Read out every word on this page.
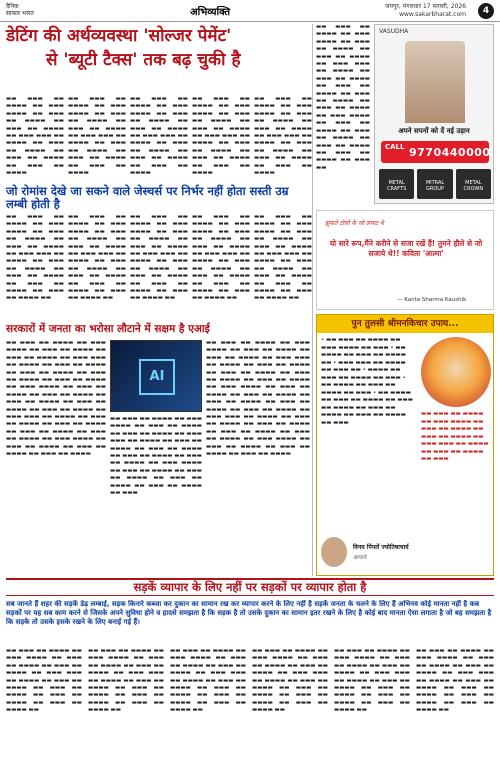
दैनिक
साकार भारत	अभिव्यक्ति
जयपुर, मंगलवार 17 फरवरी, 2026
www.sakarbharat.com	4
डेटिंग की अर्थव्यवस्था 'सोल्जर पेमेंट'
से 'ब्यूटी टैक्स' तक बढ़ चुकी है
▬▬ ▬▬▬ ▬▬ ▬▬▬▬ ▬▬ ▬▬▬ ▬▬▬▬ ▬▬ ▬▬▬ ▬▬ ▬▬▬▬ ▬▬ ▬▬▬ ▬▬ ▬▬▬▬ ▬▬ ▬▬▬ ▬▬▬ ▬▬ ▬▬▬▬ ▬▬ ▬▬▬ ▬▬ ▬▬▬▬ ▬▬ ▬▬▬ ▬▬ ▬▬▬▬ ▬▬ ▬▬▬ ▬▬ ▬▬▬▬
▬▬ ▬▬▬ ▬▬ ▬▬▬▬ ▬▬ ▬▬▬ ▬▬▬▬ ▬▬ ▬▬▬ ▬▬ ▬▬▬▬ ▬▬ ▬▬▬ ▬▬ ▬▬▬▬ ▬▬ ▬▬▬ ▬▬▬ ▬▬ ▬▬▬▬ ▬▬ ▬▬▬ ▬▬ ▬▬▬▬ ▬▬ ▬▬▬ ▬▬ ▬▬▬▬ ▬▬ ▬▬▬ ▬▬ ▬▬▬▬
▬▬ ▬▬▬ ▬▬ ▬▬▬▬ ▬▬ ▬▬▬ ▬▬▬▬ ▬▬ ▬▬▬ ▬▬ ▬▬▬▬ ▬▬ ▬▬▬ ▬▬ ▬▬▬▬ ▬▬ ▬▬▬ ▬▬▬ ▬▬ ▬▬▬▬ ▬▬ ▬▬▬ ▬▬ ▬▬▬▬ ▬▬ ▬▬▬ ▬▬ ▬▬▬▬ ▬▬ ▬▬▬ ▬▬ ▬▬▬▬
▬▬ ▬▬▬ ▬▬ ▬▬▬▬ ▬▬ ▬▬▬ ▬▬▬▬ ▬▬ ▬▬▬ ▬▬ ▬▬▬▬ ▬▬ ▬▬▬ ▬▬ ▬▬▬▬ ▬▬ ▬▬▬ ▬▬▬ ▬▬ ▬▬▬▬ ▬▬ ▬▬▬ ▬▬ ▬▬▬▬ ▬▬ ▬▬▬ ▬▬ ▬▬▬▬ ▬▬ ▬▬▬ ▬▬ ▬▬▬▬
▬▬ ▬▬▬ ▬▬ ▬▬▬▬ ▬▬ ▬▬▬ ▬▬▬▬ ▬▬ ▬▬▬ ▬▬ ▬▬▬▬ ▬▬ ▬▬▬ ▬▬ ▬▬▬▬ ▬▬ ▬▬▬ ▬▬▬ ▬▬ ▬▬▬▬ ▬▬ ▬▬▬ ▬▬ ▬▬▬▬ ▬▬ ▬▬▬ ▬▬ ▬▬▬▬ ▬▬ ▬▬▬ ▬▬ ▬▬▬▬
▬▬ ▬▬▬ ▬▬ ▬▬▬▬ ▬▬ ▬▬▬ ▬▬▬▬ ▬▬ ▬▬▬ ▬▬ ▬▬▬▬ ▬▬ ▬▬▬ ▬▬ ▬▬▬▬ ▬▬ ▬▬▬ ▬▬▬ ▬▬ ▬▬▬▬ ▬▬ ▬▬▬ ▬▬ ▬▬▬▬ ▬▬ ▬▬▬ ▬▬ ▬▬▬▬ ▬▬ ▬▬▬ ▬▬ ▬▬▬▬ ▬▬ ▬▬▬ ▬▬ ▬▬▬▬ ▬▬ ▬▬▬ ▬▬▬▬ ▬▬ ▬▬▬ ▬▬ ▬▬▬▬ ▬▬ ▬▬▬ ▬▬ ▬▬▬▬ ▬▬ ▬▬▬ ▬▬ ▬▬▬▬ ▬▬ ▬▬▬ ▬▬ ▬▬▬▬ ▬▬ ▬▬▬ ▬▬
VASUDHA
अपने सपनों को दें नई उड़ान
CALL 9770440000
METAL CRAFTS
MITRAL GROUP
METAL CROWN
जो रोमांस देखे जा सकने वाले जेस्चर्स पर निर्भर नहीं होता सस्ती उम्र लम्बी होती है
▬▬ ▬▬▬ ▬▬ ▬▬▬▬ ▬▬ ▬▬▬ ▬▬▬▬ ▬▬ ▬▬▬ ▬▬ ▬▬▬▬ ▬▬ ▬▬▬ ▬▬ ▬▬▬▬ ▬▬ ▬▬▬ ▬▬▬ ▬▬ ▬▬▬▬ ▬▬ ▬▬▬ ▬▬ ▬▬▬▬ ▬▬ ▬▬▬ ▬▬ ▬▬▬▬ ▬▬ ▬▬▬ ▬▬ ▬▬▬▬ ▬▬ ▬▬▬ ▬▬ ▬▬▬▬ ▬▬
▬▬ ▬▬▬ ▬▬ ▬▬▬▬ ▬▬ ▬▬▬ ▬▬▬▬ ▬▬ ▬▬▬ ▬▬ ▬▬▬▬ ▬▬ ▬▬▬ ▬▬ ▬▬▬▬ ▬▬ ▬▬▬ ▬▬▬ ▬▬ ▬▬▬▬ ▬▬ ▬▬▬ ▬▬ ▬▬▬▬ ▬▬ ▬▬▬ ▬▬ ▬▬▬▬ ▬▬ ▬▬▬ ▬▬ ▬▬▬▬ ▬▬ ▬▬▬ ▬▬ ▬▬▬▬ ▬▬
▬▬ ▬▬▬ ▬▬ ▬▬▬▬ ▬▬ ▬▬▬ ▬▬▬▬ ▬▬ ▬▬▬ ▬▬ ▬▬▬▬ ▬▬ ▬▬▬ ▬▬ ▬▬▬▬ ▬▬ ▬▬▬ ▬▬▬ ▬▬ ▬▬▬▬ ▬▬ ▬▬▬ ▬▬ ▬▬▬▬ ▬▬ ▬▬▬ ▬▬ ▬▬▬▬ ▬▬ ▬▬▬ ▬▬ ▬▬▬▬ ▬▬ ▬▬▬ ▬▬ ▬▬▬▬ ▬▬
▬▬ ▬▬▬ ▬▬ ▬▬▬▬ ▬▬ ▬▬▬ ▬▬▬▬ ▬▬ ▬▬▬ ▬▬ ▬▬▬▬ ▬▬ ▬▬▬ ▬▬ ▬▬▬▬ ▬▬ ▬▬▬ ▬▬▬ ▬▬ ▬▬▬▬ ▬▬ ▬▬▬ ▬▬ ▬▬▬▬ ▬▬ ▬▬▬ ▬▬ ▬▬▬▬ ▬▬ ▬▬▬ ▬▬ ▬▬▬▬ ▬▬ ▬▬▬ ▬▬ ▬▬▬▬ ▬▬
▬▬ ▬▬▬ ▬▬ ▬▬▬▬ ▬▬ ▬▬▬ ▬▬▬▬ ▬▬ ▬▬▬ ▬▬ ▬▬▬▬ ▬▬ ▬▬▬ ▬▬ ▬▬▬▬ ▬▬ ▬▬▬ ▬▬▬ ▬▬ ▬▬▬▬ ▬▬ ▬▬▬ ▬▬ ▬▬▬▬ ▬▬ ▬▬▬ ▬▬ ▬▬▬▬ ▬▬ ▬▬▬ ▬▬ ▬▬▬▬ ▬▬ ▬▬▬ ▬▬ ▬▬▬▬ ▬▬
झुकते टोलों के जो लपाट थे
यो सारे रूप,मैंने करीने से सजा रखें हैं! तुमने हौले से जो सजाये थे!! कविता 'आत्मा'
— Kanta Sharma Kaushik
पुन तुलसी श्रीमनकिचार उपाय...
• ▬▬ ▬▬▬ ▬▬ ▬▬▬▬ ▬▬ ▬▬▬ ▬▬▬▬ ▬▬ ▬▬▬ • ▬▬ ▬▬▬▬ ▬▬ ▬▬▬ ▬▬ ▬▬▬▬ ▬▬ • ▬▬▬ ▬▬▬ ▬▬ ▬▬▬▬ ▬▬ ▬▬▬ ▬▬ • ▬▬▬▬ ▬▬ ▬▬▬ ▬▬ ▬▬▬▬ ▬▬ ▬▬▬ • ▬▬ ▬▬▬▬ ▬▬ ▬▬▬ ▬▬ ▬▬▬▬ ▬▬ ▬▬▬ • ▬▬ ▬▬▬▬ ▬▬ ▬▬▬ ▬▬ ▬▬▬▬ ▬▬ ▬▬▬ ▬▬ ▬▬▬▬ ▬▬ ▬▬▬ ▬▬ ▬▬▬▬ ▬▬ ▬▬▬ ▬▬ ▬▬▬▬ ▬▬ ▬▬▬
▬▬ ▬▬▬ ▬▬ ▬▬▬▬ ▬▬ ▬▬▬ ▬▬▬▬ ▬▬ ▬▬▬ ▬▬ ▬▬▬▬ ▬▬ ▬▬▬ ▬▬ ▬▬▬▬ ▬▬ ▬▬▬ ▬▬▬ ▬▬ ▬▬▬▬ ▬▬ ▬▬▬ ▬▬ ▬▬▬▬ ▬▬ ▬▬▬
विनय पिंपलें ज्योतिषाचार्य
आचार्य
सरकारों में जनता का भरोसा लौटाने में सक्षम है एआई
▬▬ ▬▬▬ ▬▬ ▬▬▬▬ ▬▬ ▬▬▬ ▬▬▬▬ ▬▬ ▬▬▬ ▬▬ ▬▬▬▬ ▬▬ ▬▬▬ ▬▬ ▬▬▬▬ ▬▬ ▬▬▬ ▬▬▬ ▬▬ ▬▬▬▬ ▬▬ ▬▬▬ ▬▬ ▬▬▬▬ ▬▬ ▬▬▬ ▬▬ ▬▬▬▬ ▬▬ ▬▬▬ ▬▬ ▬▬▬▬ ▬▬ ▬▬▬ ▬▬ ▬▬▬▬ ▬▬ ▬▬▬ ▬▬▬▬ ▬▬ ▬▬▬ ▬▬ ▬▬▬▬ ▬▬ ▬▬▬ ▬▬ ▬▬▬▬ ▬▬ ▬▬▬ ▬▬ ▬▬▬▬ ▬▬ ▬▬▬ ▬▬ ▬▬▬▬ ▬▬ ▬▬▬ ▬▬ ▬▬▬▬ ▬▬ ▬▬▬ ▬▬▬ ▬▬ ▬▬▬▬ ▬▬ ▬▬▬ ▬▬ ▬▬▬▬ ▬▬ ▬▬▬ ▬▬ ▬▬▬▬ ▬▬ ▬▬▬ ▬▬ ▬▬▬▬ ▬▬ ▬▬▬ ▬▬ ▬▬▬▬ ▬▬ ▬▬▬ ▬▬▬▬ ▬▬ ▬▬▬ ▬▬ ▬▬▬▬ ▬▬ ▬▬▬ ▬▬ ▬▬▬▬ ▬▬ ▬▬▬ ▬▬ ▬▬▬▬
AI
▬▬ ▬▬▬ ▬▬ ▬▬▬▬ ▬▬ ▬▬▬ ▬▬▬▬ ▬▬ ▬▬▬ ▬▬ ▬▬▬▬ ▬▬ ▬▬▬ ▬▬ ▬▬▬▬ ▬▬ ▬▬▬ ▬▬▬ ▬▬ ▬▬▬▬ ▬▬ ▬▬▬ ▬▬ ▬▬▬▬ ▬▬ ▬▬▬ ▬▬ ▬▬▬▬ ▬▬ ▬▬▬ ▬▬ ▬▬▬▬ ▬▬ ▬▬▬ ▬▬ ▬▬▬▬ ▬▬ ▬▬▬ ▬▬▬▬ ▬▬ ▬▬▬ ▬▬ ▬▬▬▬ ▬▬ ▬▬▬ ▬▬ ▬▬▬▬ ▬▬ ▬▬▬ ▬▬ ▬▬▬▬ ▬▬ ▬▬▬ ▬▬ ▬▬▬▬ ▬▬ ▬▬▬
▬▬ ▬▬▬ ▬▬ ▬▬▬▬ ▬▬ ▬▬▬ ▬▬▬▬ ▬▬ ▬▬▬ ▬▬ ▬▬▬▬ ▬▬ ▬▬▬ ▬▬ ▬▬▬▬ ▬▬ ▬▬▬ ▬▬▬ ▬▬ ▬▬▬▬ ▬▬ ▬▬▬ ▬▬ ▬▬▬▬ ▬▬ ▬▬▬ ▬▬ ▬▬▬▬ ▬▬ ▬▬▬ ▬▬ ▬▬▬▬ ▬▬ ▬▬▬ ▬▬ ▬▬▬▬ ▬▬ ▬▬▬ ▬▬▬▬ ▬▬ ▬▬▬ ▬▬ ▬▬▬▬ ▬▬ ▬▬▬ ▬▬ ▬▬▬▬ ▬▬ ▬▬▬ ▬▬ ▬▬▬▬ ▬▬ ▬▬▬ ▬▬ ▬▬▬▬ ▬▬ ▬▬▬ ▬▬ ▬▬▬▬ ▬▬ ▬▬▬ ▬▬▬ ▬▬ ▬▬▬▬ ▬▬ ▬▬▬ ▬▬ ▬▬▬▬ ▬▬ ▬▬▬ ▬▬ ▬▬▬▬ ▬▬ ▬▬▬ ▬▬ ▬▬▬▬ ▬▬ ▬▬▬ ▬▬ ▬▬▬▬ ▬▬ ▬▬▬ ▬▬▬▬ ▬▬ ▬▬▬ ▬▬ ▬▬▬▬ ▬▬ ▬▬▬ ▬▬ ▬▬▬▬ ▬▬ ▬▬▬ ▬▬ ▬▬▬▬
सड़कें व्यापार के लिए नहीं पर सड़कों पर व्यापार होता है
सब जानते हैं शहर की सड़कें डेढ़ लम्बाई, सड़क किनारे कब्जा कर दुकान का सामान रख कर व्यापार करने के लिए नहीं है सड़कें जनता के चलने के लिए हैं अभिनव कोई मानता नहीं है कब सड़कों पर यह सब काम करने से जिसके अपने सुविधा होने व हादसे समझता है कि सड़क है तो उसके दुकान का सामान इतर रखने के लिए है कोई बाद मानता ऐसा लगाता है जो बह समझता है कि सड़के तो उसके इसके रखने के लिए बनाई गई हैं।
▬▬ ▬▬▬ ▬▬ ▬▬▬▬ ▬▬ ▬▬▬ ▬▬▬▬ ▬▬ ▬▬▬ ▬▬ ▬▬▬▬ ▬▬ ▬▬▬ ▬▬ ▬▬▬▬ ▬▬ ▬▬▬ ▬▬▬ ▬▬ ▬▬▬▬ ▬▬ ▬▬▬ ▬▬ ▬▬▬▬ ▬▬ ▬▬▬ ▬▬ ▬▬▬▬ ▬▬ ▬▬▬ ▬▬ ▬▬▬▬ ▬▬ ▬▬▬ ▬▬ ▬▬▬▬ ▬▬
▬▬ ▬▬▬ ▬▬ ▬▬▬▬ ▬▬ ▬▬▬ ▬▬▬▬ ▬▬ ▬▬▬ ▬▬ ▬▬▬▬ ▬▬ ▬▬▬ ▬▬ ▬▬▬▬ ▬▬ ▬▬▬ ▬▬▬ ▬▬ ▬▬▬▬ ▬▬ ▬▬▬ ▬▬ ▬▬▬▬ ▬▬ ▬▬▬ ▬▬ ▬▬▬▬ ▬▬ ▬▬▬ ▬▬ ▬▬▬▬ ▬▬ ▬▬▬ ▬▬ ▬▬▬▬ ▬▬
▬▬ ▬▬▬ ▬▬ ▬▬▬▬ ▬▬ ▬▬▬ ▬▬▬▬ ▬▬ ▬▬▬ ▬▬ ▬▬▬▬ ▬▬ ▬▬▬ ▬▬ ▬▬▬▬ ▬▬ ▬▬▬ ▬▬▬ ▬▬ ▬▬▬▬ ▬▬ ▬▬▬ ▬▬ ▬▬▬▬ ▬▬ ▬▬▬ ▬▬ ▬▬▬▬ ▬▬ ▬▬▬ ▬▬ ▬▬▬▬ ▬▬ ▬▬▬ ▬▬ ▬▬▬▬ ▬▬
▬▬ ▬▬▬ ▬▬ ▬▬▬▬ ▬▬ ▬▬▬ ▬▬▬▬ ▬▬ ▬▬▬ ▬▬ ▬▬▬▬ ▬▬ ▬▬▬ ▬▬ ▬▬▬▬ ▬▬ ▬▬▬ ▬▬▬ ▬▬ ▬▬▬▬ ▬▬ ▬▬▬ ▬▬ ▬▬▬▬ ▬▬ ▬▬▬ ▬▬ ▬▬▬▬ ▬▬ ▬▬▬ ▬▬ ▬▬▬▬ ▬▬ ▬▬▬ ▬▬ ▬▬▬▬ ▬▬
▬▬ ▬▬▬ ▬▬ ▬▬▬▬ ▬▬ ▬▬▬ ▬▬▬▬ ▬▬ ▬▬▬ ▬▬ ▬▬▬▬ ▬▬ ▬▬▬ ▬▬ ▬▬▬▬ ▬▬ ▬▬▬ ▬▬▬ ▬▬ ▬▬▬▬ ▬▬ ▬▬▬ ▬▬ ▬▬▬▬ ▬▬ ▬▬▬ ▬▬ ▬▬▬▬ ▬▬ ▬▬▬ ▬▬ ▬▬▬▬ ▬▬ ▬▬▬ ▬▬ ▬▬▬▬ ▬▬
▬▬ ▬▬▬ ▬▬ ▬▬▬▬ ▬▬ ▬▬▬ ▬▬▬▬ ▬▬ ▬▬▬ ▬▬ ▬▬▬▬ ▬▬ ▬▬▬ ▬▬ ▬▬▬▬ ▬▬ ▬▬▬ ▬▬▬ ▬▬ ▬▬▬▬ ▬▬ ▬▬▬ ▬▬ ▬▬▬▬ ▬▬ ▬▬▬ ▬▬ ▬▬▬▬ ▬▬ ▬▬▬ ▬▬ ▬▬▬▬ ▬▬ ▬▬▬ ▬▬ ▬▬▬▬ ▬▬
